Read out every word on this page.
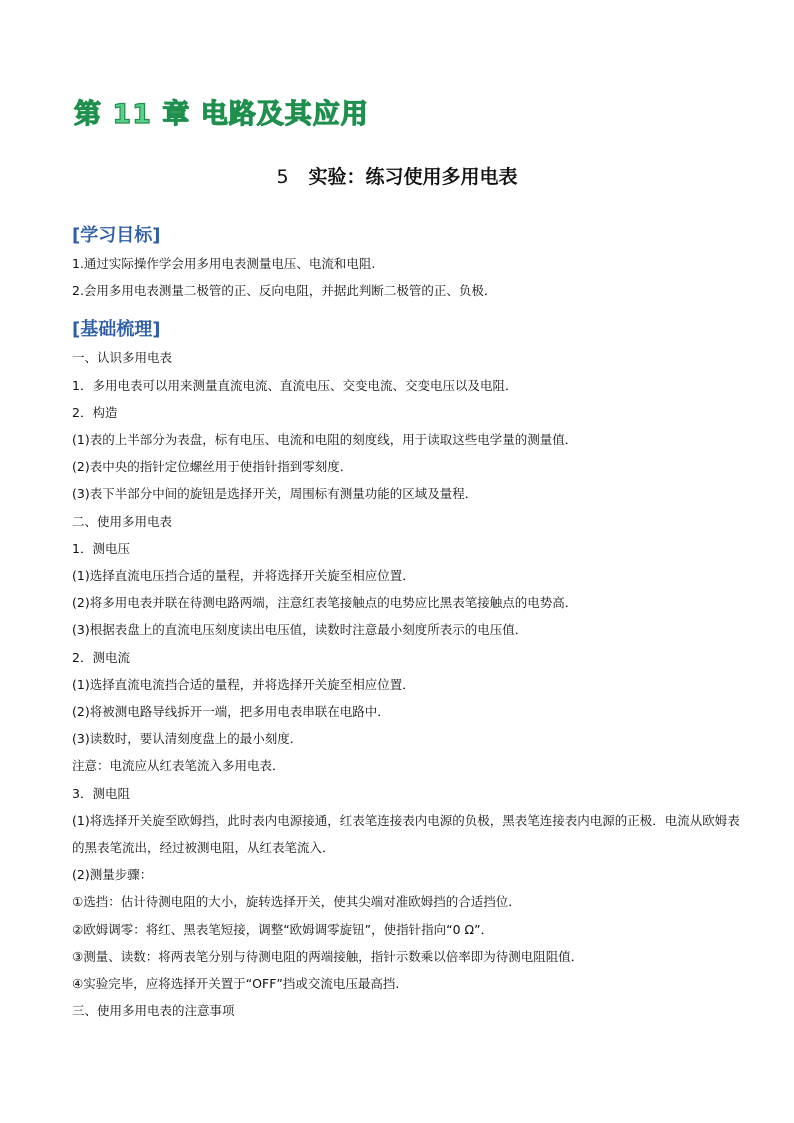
第 11 章 电路及其应用
5 实验：练习使用多用电表

[学习目标]

1.通过实际操作学会用多用电表测量电压、电流和电阻.

2.会用多用电表测量二极管的正、反向电阻，并据此判断二极管的正、负极．

[基础梳理]

一、认识多用电表

1．多用电表可以用来测量直流电流、直流电压、交变电流、交变电压以及电阻．

2．构造

(1)表的上半部分为表盘，标有电压、电流和电阻的刻度线，用于读取这些电学量的测量值．

(2)表中央的指针定位螺丝用于使指针指到零刻度．

(3)表下半部分中间的旋钮是选择开关，周围标有测量功能的区域及量程．

二、使用多用电表

1．测电压

(1)选择直流电压挡合适的量程，并将选择开关旋至相应位置．

(2)将多用电表并联在待测电路两端，注意红表笔接触点的电势应比黑表笔接触点的电势高．

(3)根据表盘上的直流电压刻度读出电压值，读数时注意最小刻度所表示的电压值．

2．测电流

(1)选择直流电流挡合适的量程，并将选择开关旋至相应位置．

(2)将被测电路导线拆开一端，把多用电表串联在电路中．

(3)读数时，要认清刻度盘上的最小刻度．

注意：电流应从红表笔流入多用电表．

3．测电阻

(1)将选择开关旋至欧姆挡，此时表内电源接通，红表笔连接表内电源的负极，黑表笔连接表内电源的正极．电流从欧姆表的黑表笔流出，经过被测电阻，从红表笔流入．

(2)测量步骤：

①选挡：估计待测电阻的大小，旋转选择开关，使其尖端对准欧姆挡的合适挡位．

②欧姆调零：将红、黑表笔短接，调整“欧姆调零旋钮”，使指针指向“0 Ω”．

③测量、读数：将两表笔分别与待测电阻的两端接触，指针示数乘以倍率即为待测电阻阻值．

④实验完毕，应将选择开关置于“OFF”挡或交流电压最高挡.

三、使用多用电表的注意事项
